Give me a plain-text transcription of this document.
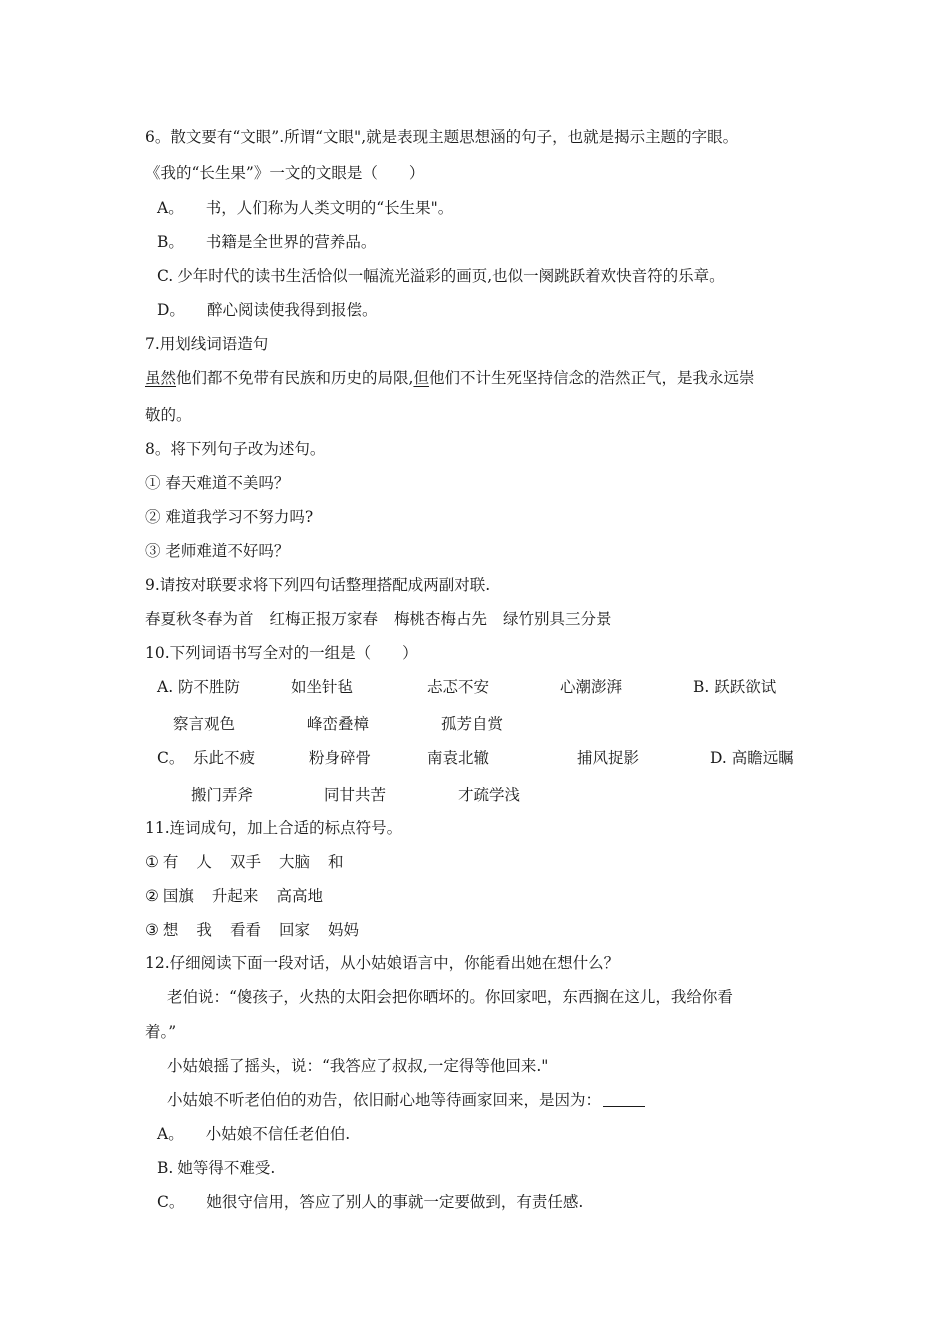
6。散文要有“文眼”.所谓“文眼",就是表现主题思想涵的句子，也就是揭示主题的字眼。
《我的“长生果”》一文的文眼是（　　）
A。 书，人们称为人类文明的“长生果"。
B。 书籍是全世界的营养品。
C. 少年时代的读书生活恰似一幅流光溢彩的画页,也似一阕跳跃着欢快音符的乐章。
D。 醉心阅读使我得到报偿。
7.用划线词语造句
虽然他们都不免带有民族和历史的局限,但他们不计生死坚持信念的浩然正气，是我永远崇
敬的。
8。将下列句子改为述句。
① 春天难道不美吗？
② 难道我学习不努力吗?
③ 老师难道不好吗？
9.请按对联要求将下列四句话整理搭配成两副对联.
春夏秋冬春为首 红梅正报万家春 梅桃杏梅占先 绿竹别具三分景
10.下列词语书写全对的一组是（　　）
A. 防不胜防	如坐针毡	忐忑不安	心潮澎湃	B. 跃跃欲试
察言观色	峰峦叠樟	孤芳自赏
C。 乐此不疲	粉身碎骨	南袁北辙	捕风捉影	D. 高瞻远瞩
搬门弄斧	同甘共苦	才疏学浅
11.连词成句，加上合适的标点符号。
① 有 人 双手 大脑 和
② 国旗 升起来 高高地
③ 想 我 看看 回家 妈妈
12.仔细阅读下面一段对话，从小姑娘语言中，你能看出她在想什么？
老伯说：“傻孩子，火热的太阳会把你晒坏的。你回家吧，东西搁在这儿，我给你看
着。”
小姑娘摇了摇头，说：“我答应了叔叔,一定得等他回来."
小姑娘不听老伯伯的劝告，依旧耐心地等待画家回来，是因为：
A。 小姑娘不信任老伯伯.
B. 她等得不难受.
C。 她很守信用，答应了别人的事就一定要做到，有责任感.
